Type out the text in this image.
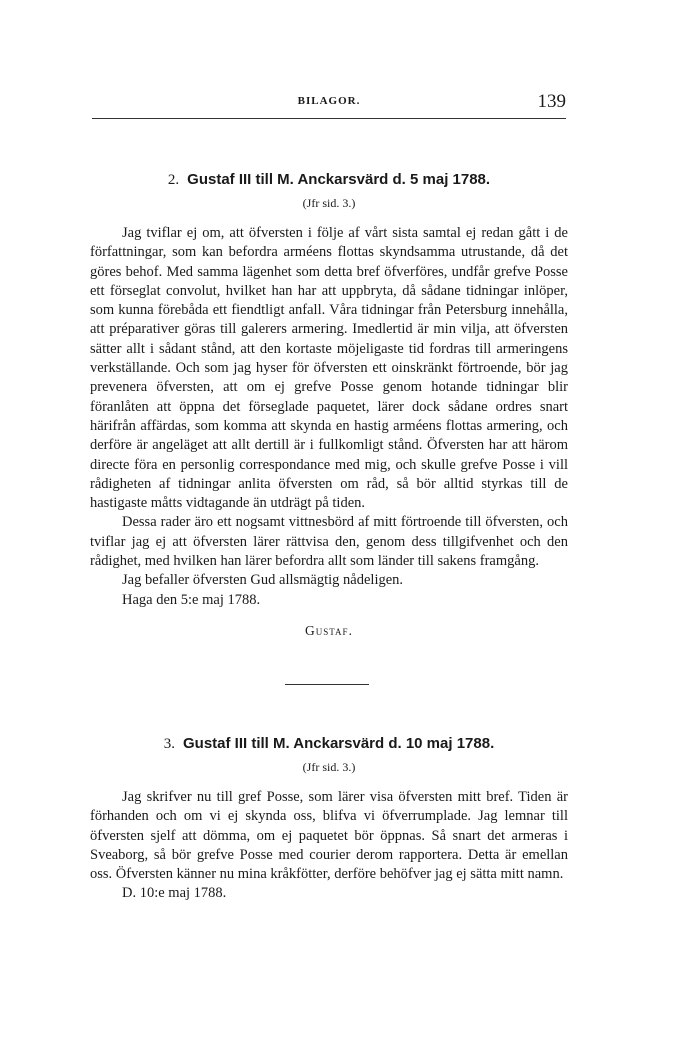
BILAGOR.	139
2. Gustaf III till M. Anckarsvärd d. 5 maj 1788.
(Jfr sid. 3.)

Jag tviflar ej om, att öfversten i följe af vårt sista samtal ej redan gått i de författningar, som kan befordra arméens flottas skyndsamma utrustande, då det göres behof. Med samma lägenhet som detta bref öfverföres, undfår grefve Posse ett förseglat convolut, hvilket han har att uppbryta, då sådane tidningar inlöper, som kunna förebåda ett fiendtligt anfall. Våra tidningar från Petersburg innehålla, att préparativer göras till galerers armering. Imedlertid är min vilja, att öfversten sätter allt i sådant stånd, att den kortaste möjeligaste tid fordras till armeringens verkställande. Och som jag hyser för öfversten ett oinskränkt förtroende, bör jag prevenera öfversten, att om ej grefve Posse genom hotande tidningar blir föranlåten att öppna det förseglade paquetet, lärer dock sådane ordres snart härifrån affärdas, som komma att skynda en hastig arméens flottas armering, och derföre är angeläget att allt dertill är i fullkomligt stånd. Öfversten har att härom directe föra en personlig correspondance med mig, och skulle grefve Posse i vill rådigheten af tidningar anlita öfversten om råd, så bör alltid styrkas till de hastigaste måtts vidtagande än utdrägt på tiden.

Dessa rader äro ett nogsamt vittnesbörd af mitt förtroende till öfversten, och tviflar jag ej att öfversten lärer rättvisa den, genom dess tillgifvenhet och den rådighet, med hvilken han lärer befordra allt som länder till sakens framgång.

Jag befaller öfversten Gud allsmägtig nådeligen.

Haga den 5:e maj 1788.

Gustaf.
3. Gustaf III till M. Anckarsvärd d. 10 maj 1788.
(Jfr sid. 3.)

Jag skrifver nu till gref Posse, som lärer visa öfversten mitt bref. Tiden är förhanden och om vi ej skynda oss, blifva vi öfverrumplade. Jag lemnar till öfversten sjelf att dömma, om ej paquetet bör öppnas. Så snart det armeras i Sveaborg, så bör grefve Posse med courier derom rapportera. Detta är emellan oss. Öfversten känner nu mina kråkfötter, derföre behöfver jag ej sätta mitt namn.

D. 10:e maj 1788.
